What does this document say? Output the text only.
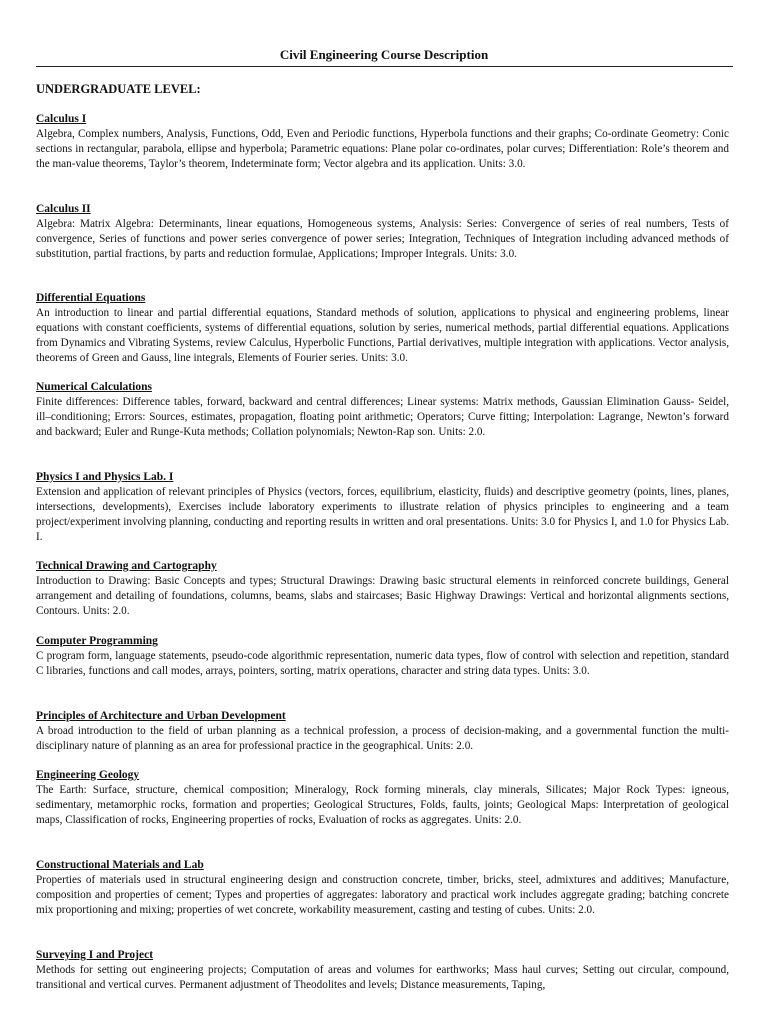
Civil Engineering Course Description
UNDERGRADUATE LEVEL:
Calculus I

Algebra, Complex numbers, Analysis, Functions, Odd, Even and Periodic functions, Hyperbola functions and their graphs; Co-ordinate Geometry: Conic sections in rectangular, parabola, ellipse and hyperbola; Parametric equations: Plane polar co-ordinates, polar curves; Differentiation: Role’s theorem and the man-value theorems, Taylor’s theorem, Indeterminate form; Vector algebra and its application. Units: 3.0.

Calculus II

Algebra: Matrix Algebra: Determinants, linear equations, Homogeneous systems, Analysis: Series: Convergence of series of real numbers, Tests of convergence, Series of functions and power series convergence of power series; Integration, Techniques of Integration including advanced methods of substitution, partial fractions, by parts and reduction formulae, Applications; Improper Integrals. Units: 3.0.

Differential Equations

An introduction to linear and partial differential equations, Standard methods of solution, applications to physical and engineering problems, linear equations with constant coefficients, systems of differential equations, solution by series, numerical methods, partial differential equations. Applications from Dynamics and Vibrating Systems, review Calculus, Hyperbolic Functions, Partial derivatives, multiple integration with applications. Vector analysis, theorems of Green and Gauss, line integrals, Elements of Fourier series. Units: 3.0.

Numerical Calculations

Finite differences: Difference tables, forward, backward and central differences; Linear systems: Matrix methods, Gaussian Elimination Gauss- Seidel, ill–conditioning; Errors: Sources, estimates, propagation, floating point arithmetic; Operators; Curve fitting; Interpolation: Lagrange, Newton’s forward and backward; Euler and Runge-Kuta methods; Collation polynomials; Newton-Rap son. Units: 2.0.

Physics I and Physics Lab. I

Extension and application of relevant principles of Physics (vectors, forces, equilibrium, elasticity, fluids) and descriptive geometry (points, lines, planes, intersections, developments), Exercises include laboratory experiments to illustrate relation of physics principles to engineering and a team project/experiment involving planning, conducting and reporting results in written and oral presentations. Units: 3.0 for Physics I, and 1.0 for Physics Lab. I.

Technical Drawing and Cartography

Introduction to Drawing: Basic Concepts and types; Structural Drawings: Drawing basic structural elements in reinforced concrete buildings, General arrangement and detailing of foundations, columns, beams, slabs and staircases; Basic Highway Drawings: Vertical and horizontal alignments sections, Contours. Units: 2.0.

Computer Programming

C program form, language statements, pseudo-code algorithmic representation, numeric data types, flow of control with selection and repetition, standard C libraries, functions and call modes, arrays, pointers, sorting, matrix operations, character and string data types. Units: 3.0.

Principles of Architecture and Urban Development

A broad introduction to the field of urban planning as a technical profession, a process of decision-making, and a governmental function the multi-disciplinary nature of planning as an area for professional practice in the geographical. Units: 2.0.

Engineering Geology

The Earth: Surface, structure, chemical composition; Mineralogy, Rock forming minerals, clay minerals, Silicates; Major Rock Types: igneous, sedimentary, metamorphic rocks, formation and properties; Geological Structures, Folds, faults, joints; Geological Maps: Interpretation of geological maps, Classification of rocks, Engineering properties of rocks, Evaluation of rocks as aggregates. Units: 2.0.

Constructional Materials and Lab

Properties of materials used in structural engineering design and construction concrete, timber, bricks, steel, admixtures and additives; Manufacture, composition and properties of cement; Types and properties of aggregates: laboratory and practical work includes aggregate grading; batching concrete mix proportioning and mixing; properties of wet concrete, workability measurement, casting and testing of cubes. Units: 2.0.

Surveying I and Project

Methods for setting out engineering projects; Computation of areas and volumes for earthworks; Mass haul curves; Setting out circular, compound, transitional and vertical curves. Permanent adjustment of Theodolites and levels; Distance measurements, Taping,
